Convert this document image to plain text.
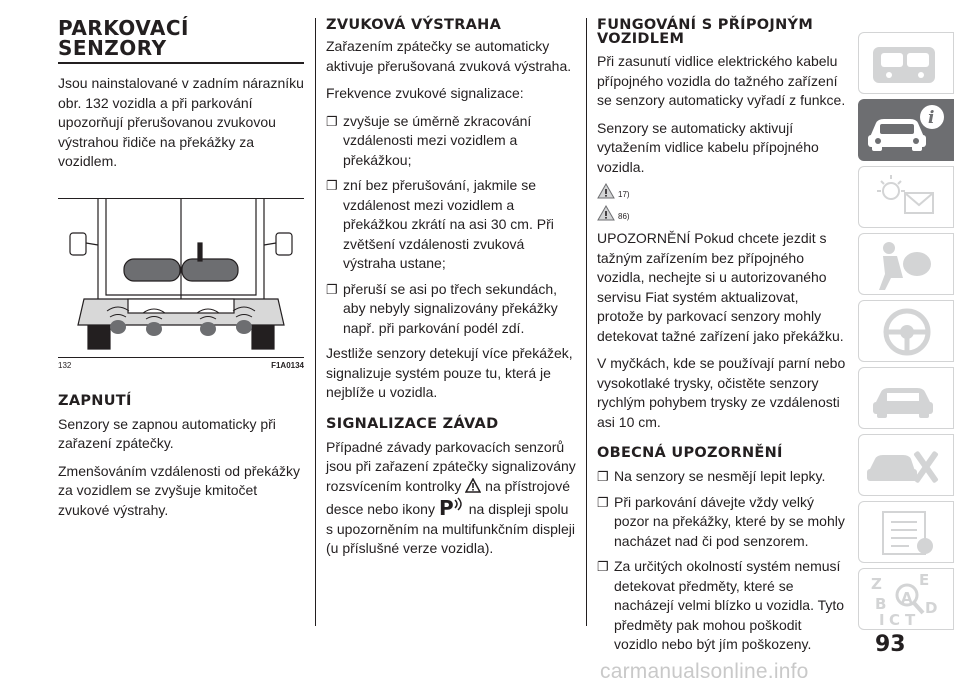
PARKOVACÍ SENZORY

Jsou nainstalované v zadním nárazníku obr. 132 vozidla a při parkování upozorňují přerušovanou zvukovou výstrahou řidiče na překážky za vozidlem.

132	F1A0134
ZAPNUTÍ

Senzory se zapnou automaticky při zařazení zpátečky.

Zmenšováním vzdálenosti od překážky za vozidlem se zvyšuje kmitočet zvukové výstrahy.

ZVUKOVÁ VÝSTRAHA

Zařazením zpátečky se automaticky aktivuje přerušovaná zvuková výstraha.

Frekvence zvukové signalizace:

❐ zvyšuje se úměrně zkracování vzdálenosti mezi vozidlem a překážkou;

❐ zní bez přerušování, jakmile se vzdálenost mezi vozidlem a překážkou zkrátí na asi 30 cm. Při zvětšení vzdálenosti zvuková výstraha ustane;

❐ přeruší se asi po třech sekundách, aby nebyly signalizovány překážky např. při parkování podél zdí.

Jestliže senzory detekují více překážek, signalizuje systém pouze tu, která je nejblíže u vozidla.

SIGNALIZACE ZÁVAD

Případné závady parkovacích senzorů jsou při zařazení zpátečky signalizovány rozsvícením kontrolky na přístrojové desce nebo ikony P na displeji spolu s upozorněním na multifunkčním displeji (u příslušné verze vozidla).

FUNGOVÁNÍ S PŘÍPOJNÝM VOZIDLEM

Při zasunutí vidlice elektrického kabelu přípojného vozidla do tažného zařízení se senzory automaticky vyřadí z funkce.

Senzory se automaticky aktivují vytažením vidlice kabelu přípojného vozidla.

17)
86)

UPOZORNĚNÍ Pokud chcete jezdit s tažným zařízením bez přípojného vozidla, nechejte si u autorizovaného servisu Fiat systém aktualizovat, protože by parkovací senzory mohly detekovat tažné zařízení jako překážku.

V myčkách, kde se používají parní nebo vysokotlaké trysky, očistěte senzory rychlým pohybem trysky ze vzdálenosti asi 10 cm.

OBECNÁ UPOZORNĚNÍ

❐ Na senzory se nesmějí lepit lepky.

❐ Při parkování dávejte vždy velký pozor na překážky, které by se mohly nacházet nad či pod senzorem.

❐ Za určitých okolností systém nemusí detekovat předměty, které se nacházejí velmi blízko u vozidla. Tyto předměty pak mohou poškodit vozidlo nebo být jím poškozeny.

i
Z E
B
I C T
D
A
93
carmanualsonline.info
